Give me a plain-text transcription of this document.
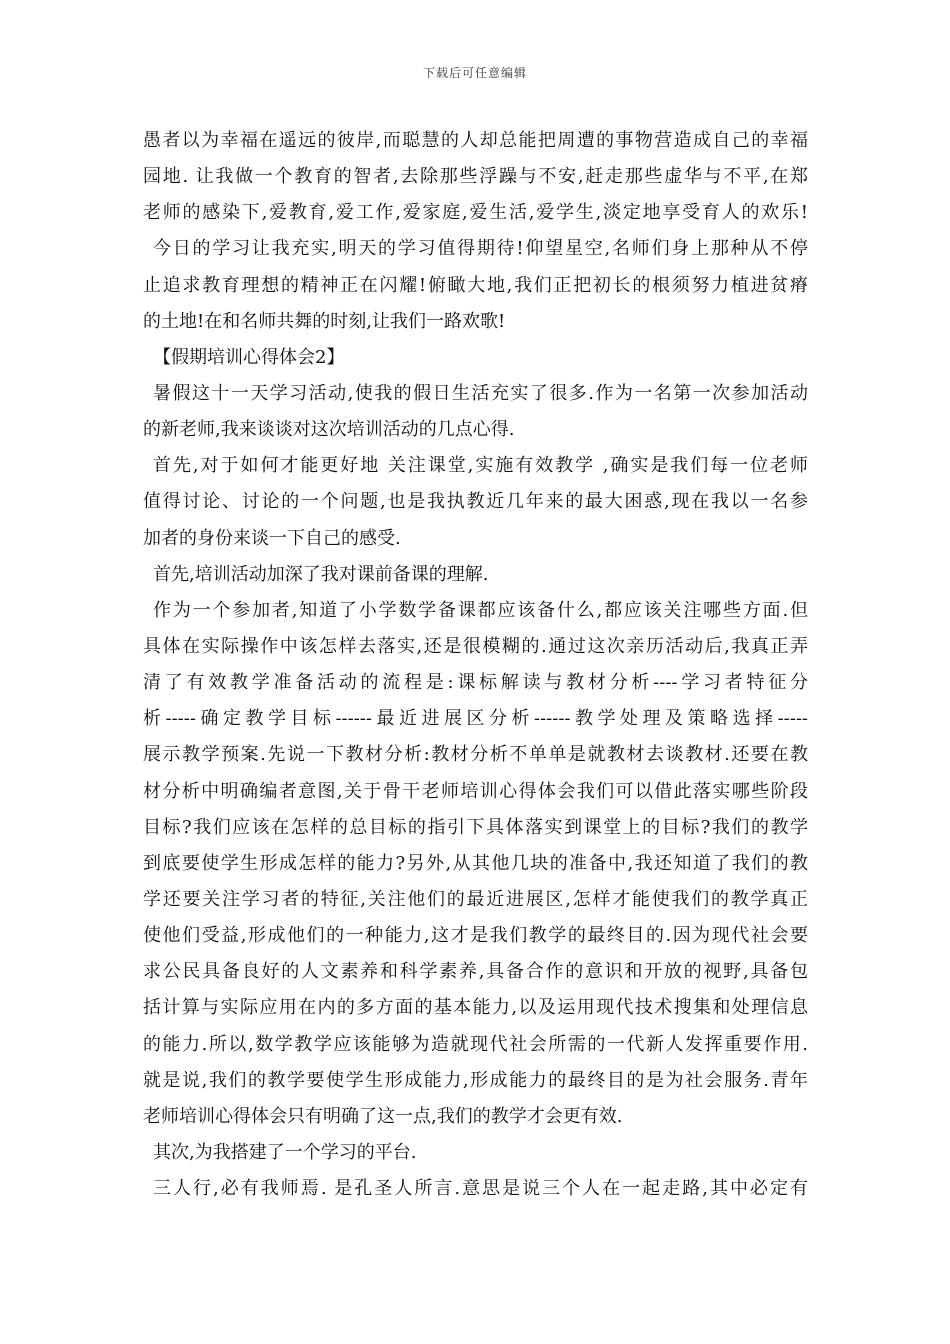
下载后可任意编辑
愚者以为幸福在遥远的彼岸,而聪慧的人却总能把周遭的事物营造成自己的幸福
园地. 让我做一个教育的智者,去除那些浮躁与不安,赶走那些虚华与不平,在郑
老师的感染下,爱教育,爱工作,爱家庭,爱生活,爱学生,淡定地享受育人的欢乐!
今日的学习让我充实,明天的学习值得期待!仰望星空,名师们身上那种从不停
止追求教育理想的精神正在闪耀!俯瞰大地,我们正把初长的根须努力植进贫瘠
的土地!在和名师共舞的时刻,让我们一路欢歌!
【假期培训心得体会2】
暑假这十一天学习活动,使我的假日生活充实了很多.作为一名第一次参加活动
的新老师,我来谈谈对这次培训活动的几点心得.
首先,对于如何才能更好地 关注课堂,实施有效教学 ,确实是我们每一位老师
值得讨论、讨论的一个问题,也是我执教近几年来的最大困惑,现在我以一名参
加者的身份来谈一下自己的感受.
首先,培训活动加深了我对课前备课的理解.
作为一个参加者,知道了小学数学备课都应该备什么,都应该关注哪些方面.但
具体在实际操作中该怎样去落实,还是很模糊的.通过这次亲历活动后,我真正弄
清了有效教学准备活动的流程是:课标解读与教材分析----学习者特征分
析-----确定教学目标------最近进展区分析------教学处理及策略选择-----
展示教学预案.先说一下教材分析:教材分析不单单是就教材去谈教材.还要在教
材分析中明确编者意图,关于骨干老师培训心得体会我们可以借此落实哪些阶段
目标?我们应该在怎样的总目标的指引下具体落实到课堂上的目标?我们的教学
到底要使学生形成怎样的能力?另外,从其他几块的准备中,我还知道了我们的教
学还要关注学习者的特征,关注他们的最近进展区,怎样才能使我们的教学真正
使他们受益,形成他们的一种能力,这才是我们教学的最终目的.因为现代社会要
求公民具备良好的人文素养和科学素养,具备合作的意识和开放的视野,具备包
括计算与实际应用在内的多方面的基本能力,以及运用现代技术搜集和处理信息
的能力.所以,数学教学应该能够为造就现代社会所需的一代新人发挥重要作用.
就是说,我们的教学要使学生形成能力,形成能力的最终目的是为社会服务.青年
老师培训心得体会只有明确了这一点,我们的教学才会更有效.
其次,为我搭建了一个学习的平台.
三人行,必有我师焉. 是孔圣人所言.意思是说三个人在一起走路,其中必定有
